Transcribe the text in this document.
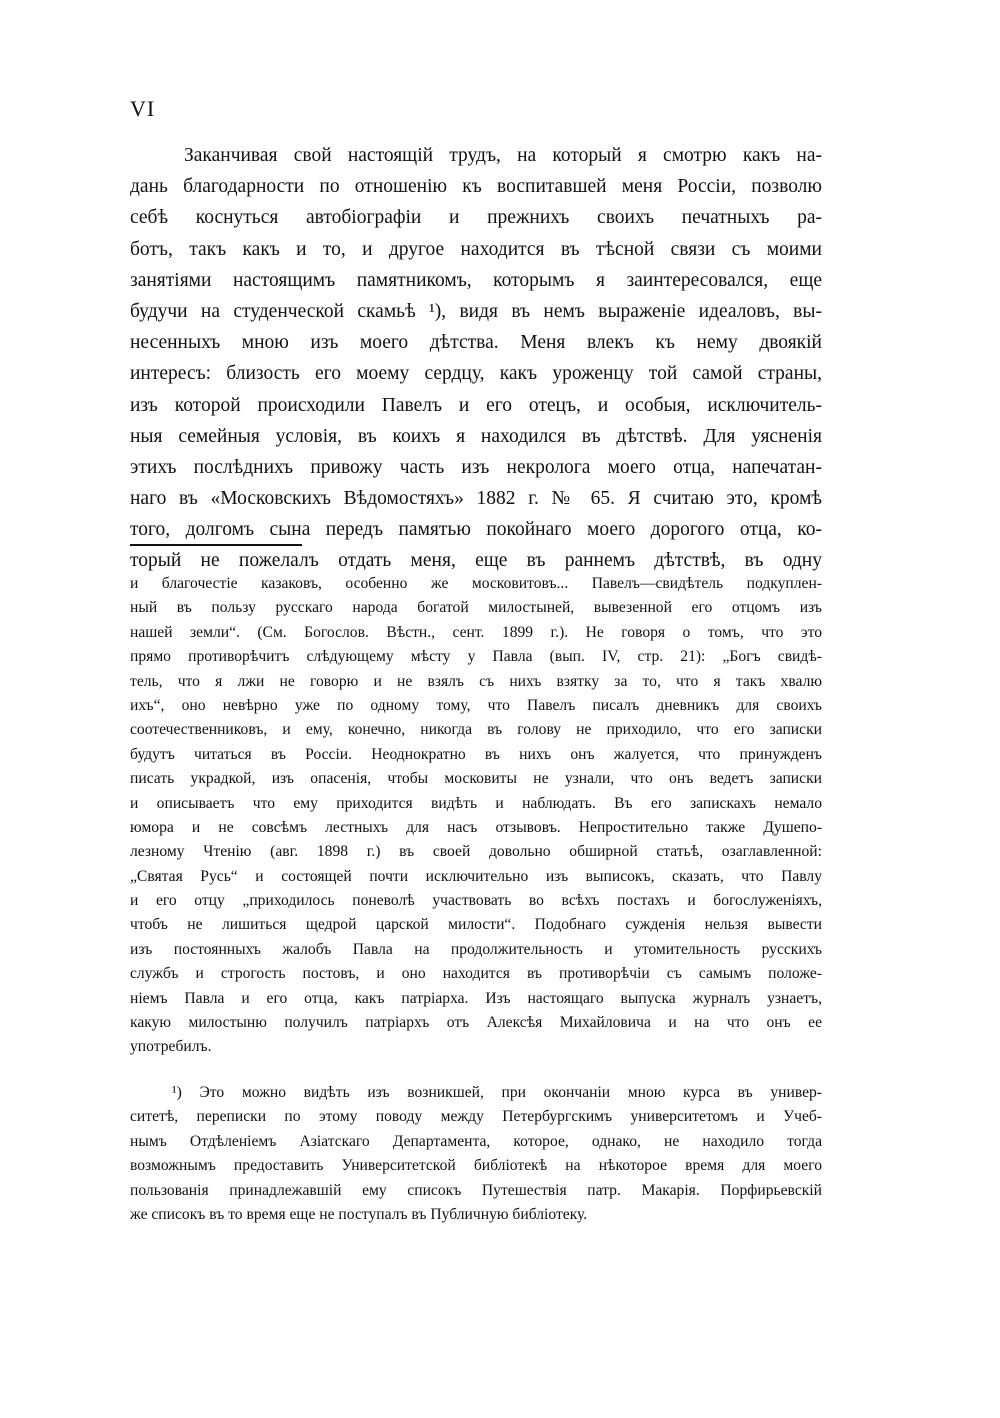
VI
Заканчивая свой настоящій трудъ, на который я смотрю какъ на-
дань благодарности по отношенію къ воспитавшей меня Россіи, позволю
себѣ коснуться автобіографіи и прежнихъ своихъ печатныхъ ра-
ботъ, такъ какъ и то, и другое находится въ тѣсной связи съ моими
занятіями настоящимъ памятникомъ, которымъ я заинтересовался, еще
будучи на студенческой скамьѣ ¹), видя въ немъ выраженіе идеаловъ, вы-
несенныхъ мною изъ моего дѣтства. Меня влекъ къ нему двоякій
интересъ: близость его моему сердцу, какъ уроженцу той самой страны,
изъ которой происходили Павелъ и его отецъ, и особыя, исключитель-
ныя семейныя условія, въ коихъ я находился въ дѣтствѣ. Для уясненія
этихъ послѣднихъ привожу часть изъ некролога моего отца, напечатан-
наго въ «Московскихъ Вѣдомостяхъ» 1882 г. № 65. Я считаю это, кромѣ
того, долгомъ сына передъ памятью покойнаго моего дорогого отца, ко-
торый не пожелалъ отдать меня, еще въ раннемъ дѣтствѣ, въ одну
и благочестіе казаковъ, особенно же московитовъ... Павелъ—свидѣтель подкуплен-
ный въ пользу русскаго народа богатой милостыней, вывезенной его отцомъ изъ
нашей земли“. (См. Богослов. Вѣстн., сент. 1899 г.). Не говоря о томъ, что это
прямо противорѣчитъ слѣдующему мѣсту у Павла (вып. IV, стр. 21): „Богъ свидѣ-
тель, что я лжи не говорю и не взялъ съ нихъ взятку за то, что я такъ хвалю
ихъ“, оно невѣрно уже по одному тому, что Павелъ писалъ дневникъ для своихъ
соотечественниковъ, и ему, конечно, никогда въ голову не приходило, что его записки
будутъ читаться въ Россіи. Неоднократно въ нихъ онъ жалуется, что принужденъ
писать украдкой, изъ опасенія, чтобы московиты не узнали, что онъ ведетъ записки
и описываетъ что ему приходится видѣть и наблюдать. Въ его запискахъ немало
юмора и не совсѣмъ лестныхъ для насъ отзывовъ. Непростительно также Душепо-
лезному Чтенію (авг. 1898 г.) въ своей довольно обширной статьѣ, озаглавленной:
„Святая Русь“ и состоящей почти исключительно изъ выписокъ, сказать, что Павлу
и его отцу „приходилось поневолѣ участвовать во всѣхъ постахъ и богослуженіяхъ,
чтобъ не лишиться щедрой царской милости“. Подобнаго сужденія нельзя вывести
изъ постоянныхъ жалобъ Павла на продолжительность и утомительность русскихъ
службъ и строгость постовъ, и оно находится въ противорѣчіи съ самымъ положе-
ніемъ Павла и его отца, какъ патріарха. Изъ настоящаго выпуска журналъ узнаетъ,
какую милостыню получилъ патріархъ отъ Алексѣя Михайловича и на что онъ ее
употребилъ.
¹) Это можно видѣть изъ возникшей, при окончаніи мною курса въ универ-
ситетѣ, переписки по этому поводу между Петербургскимъ университетомъ и Учеб-
нымъ Отдѣленіемъ Азіатскаго Департамента, которое, однако, не находило тогда
возможнымъ предоставить Университетской библіотекѣ на нѣкоторое время для моего
пользованія принадлежавшій ему списокъ Путешествія патр. Макарія. Порфирьевскій
же списокъ въ то время еще не поступалъ въ Публичную библіотеку.
